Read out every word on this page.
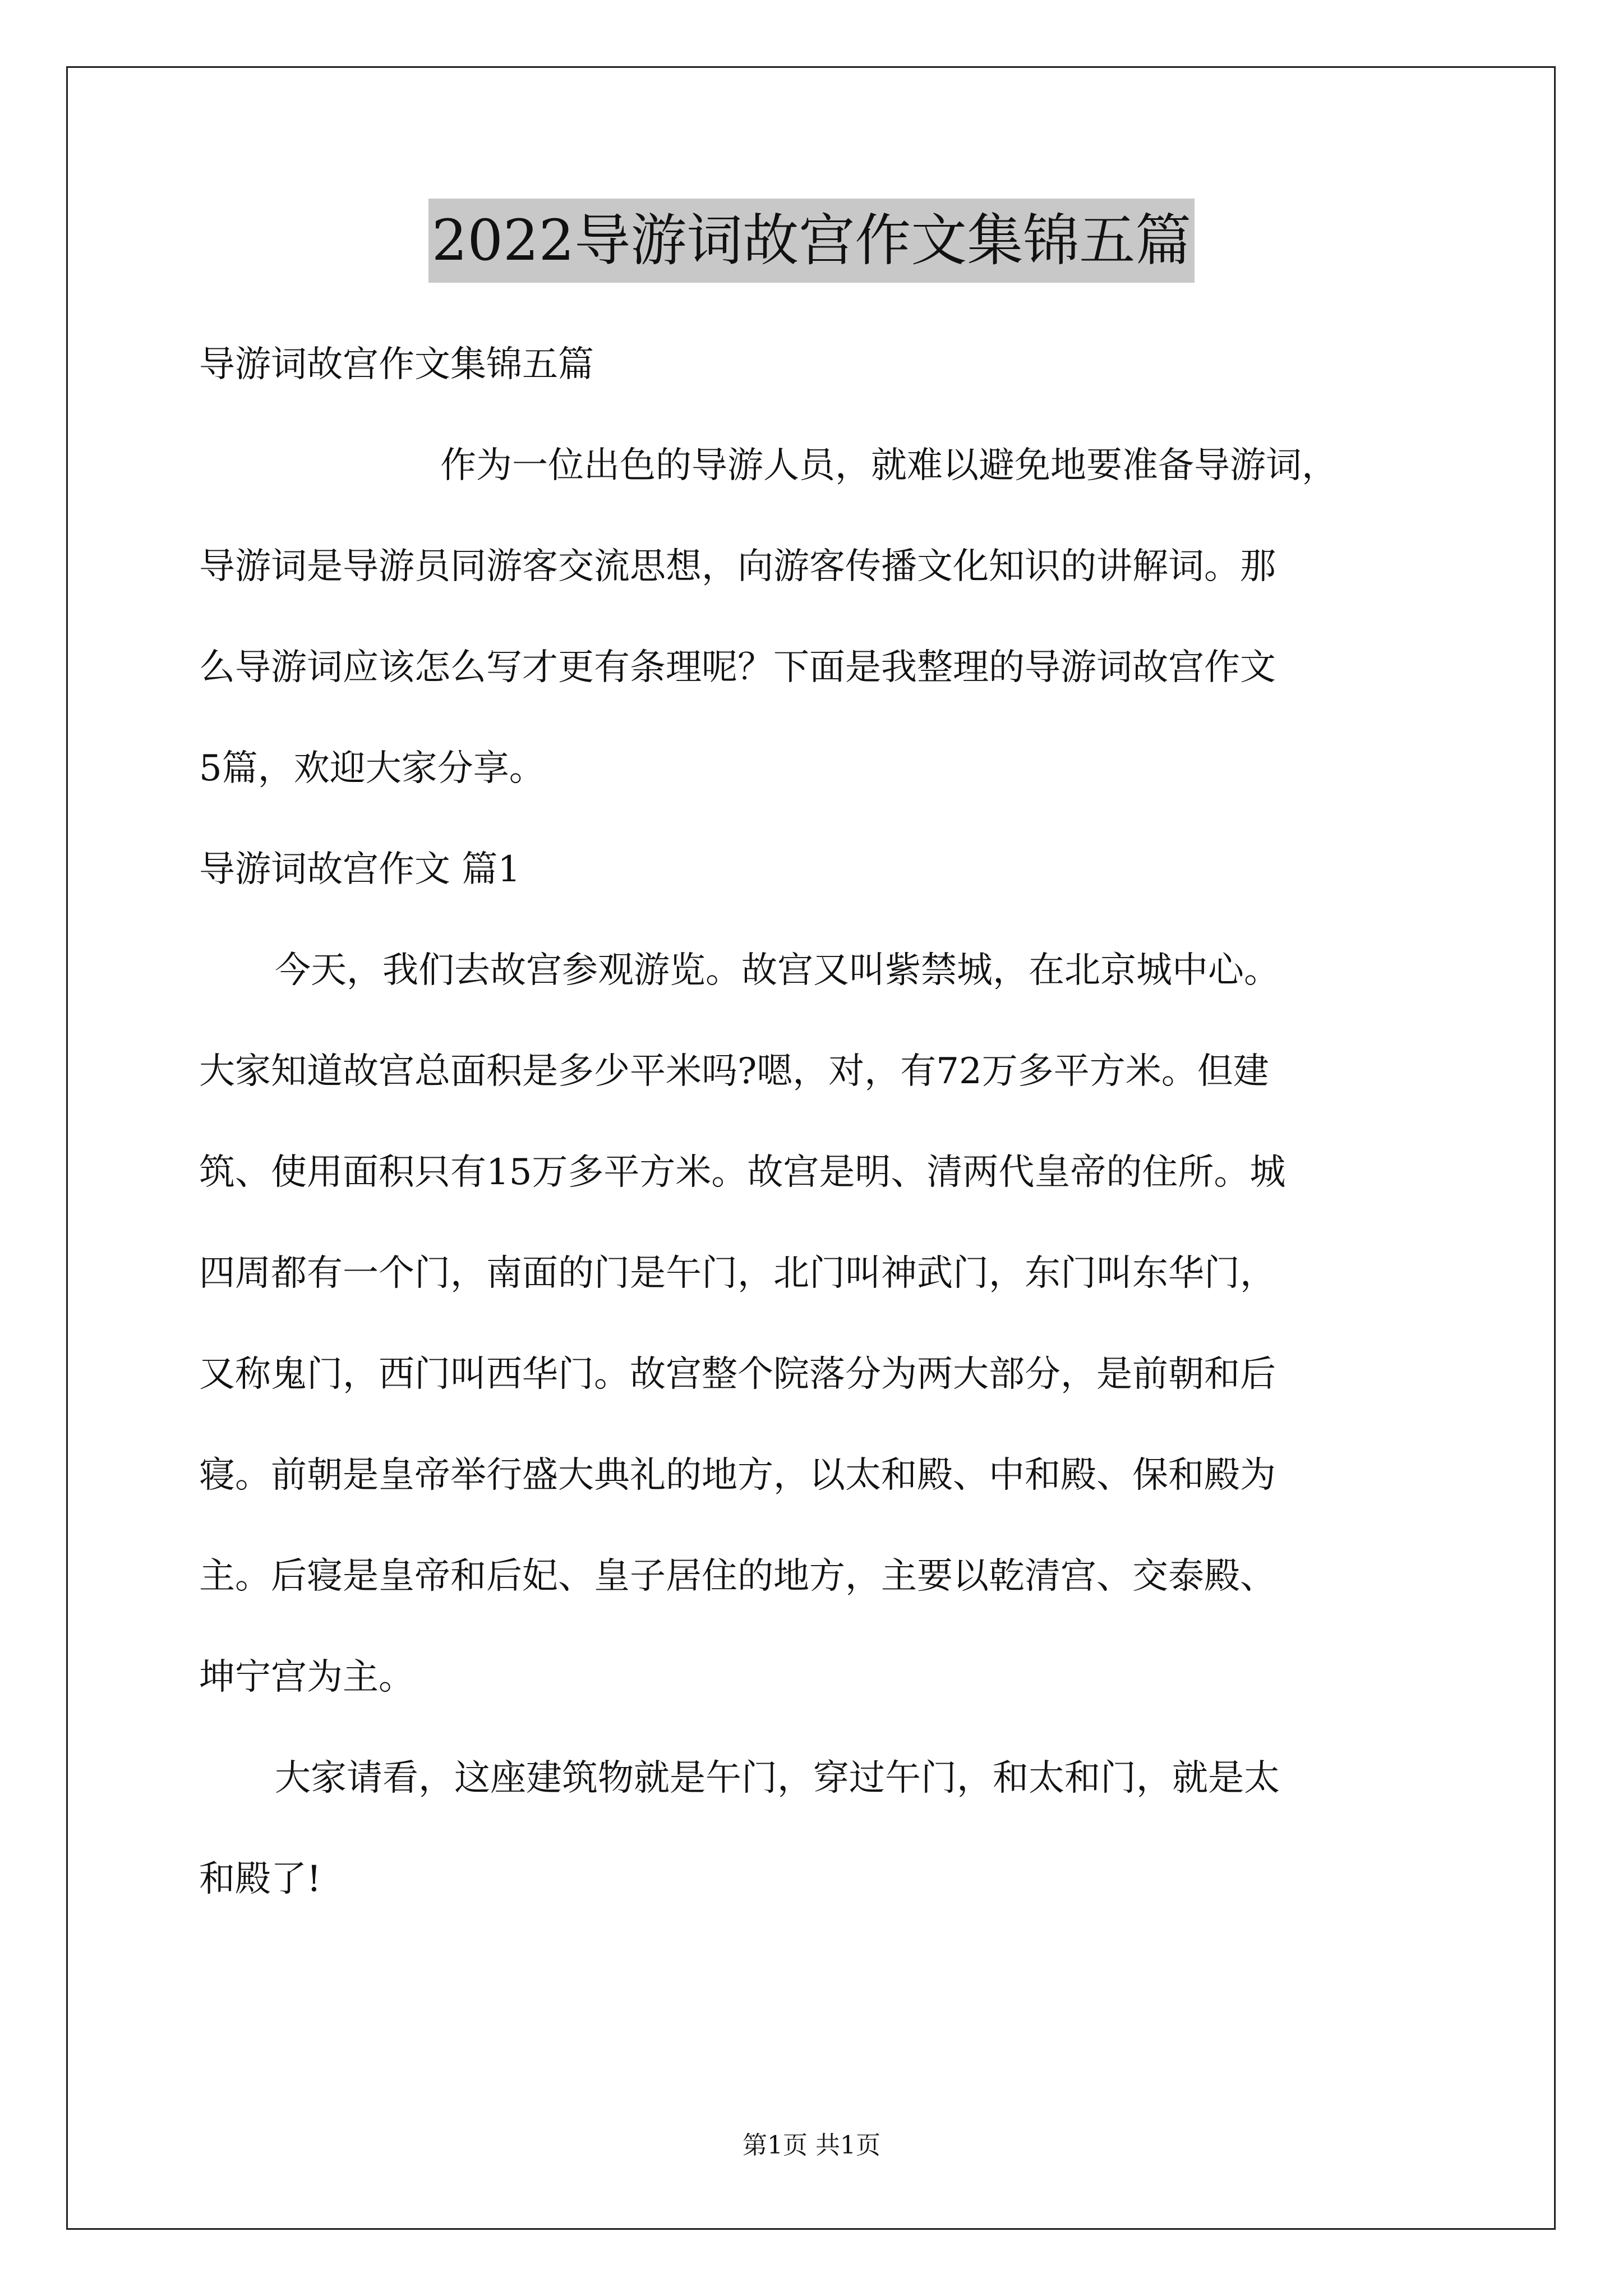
2022导游词故宫作文集锦五篇
导游词故宫作文集锦五篇
作为一位出色的导游人员，就难以避免地要准备导游词，
导游词是导游员同游客交流思想，向游客传播文化知识的讲解词。那
么导游词应该怎么写才更有条理呢？下面是我整理的导游词故宫作文
5篇，欢迎大家分享。
导游词故宫作文 篇1
今天，我们去故宫参观游览。故宫又叫紫禁城，在北京城中心。
大家知道故宫总面积是多少平米吗?嗯，对，有72万多平方米。但建
筑、使用面积只有15万多平方米。故宫是明、清两代皇帝的住所。城
四周都有一个门，南面的门是午门，北门叫神武门，东门叫东华门，
又称鬼门，西门叫西华门。故宫整个院落分为两大部分，是前朝和后
寝。前朝是皇帝举行盛大典礼的地方，以太和殿、中和殿、保和殿为
主。后寝是皇帝和后妃、皇子居住的地方，主要以乾清宫、交泰殿、
坤宁宫为主。
大家请看，这座建筑物就是午门，穿过午门，和太和门，就是太
和殿了!
第1页 共1页
